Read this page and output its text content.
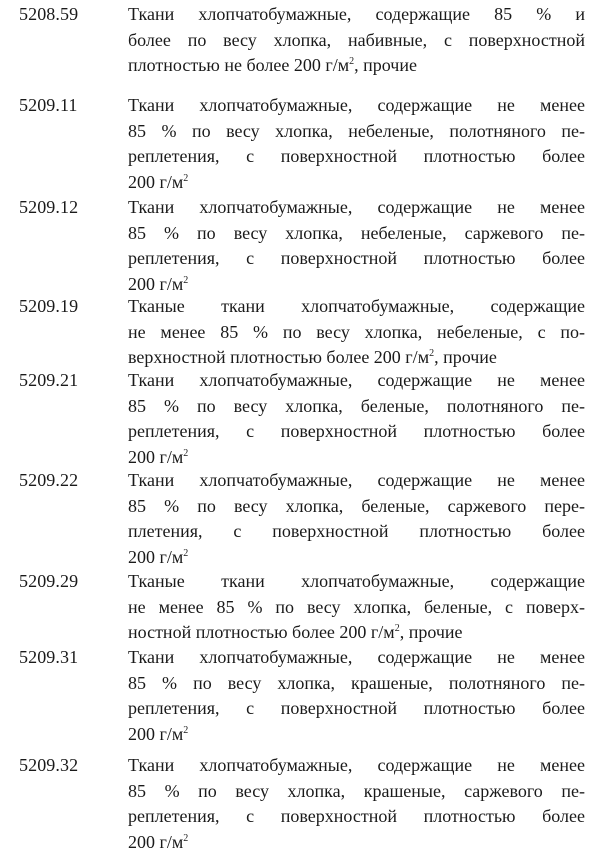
5208.59	Ткани хлопчатобумажные, содержащие 85 % и
более по весу хлопка, набивные, с поверхностной
плотностью не более 200 $г/м^2$, прочие
5209.11	Ткани хлопчатобумажные, содержащие не менее
85 % по весу хлопка, небеленые, полотняного пе-
реплетения, с поверхностной плотностью более
200 $г/м^2$
5209.12	Ткани хлопчатобумажные, содержащие не менее
85 % по весу хлопка, небеленые, саржевого пе-
реплетения, с поверхностной плотностью более
200 $г/м^2$
5209.19	Тканые ткани хлопчатобумажные, содержащие
не менее 85 % по весу хлопка, небеленые, с по-
верхностной плотностью более 200 $г/м^2$, прочие
5209.21	Ткани хлопчатобумажные, содержащие не менее
85 % по весу хлопка, беленые, полотняного пе-
реплетения, с поверхностной плотностью более
200 $г/м^2$
5209.22	Ткани хлопчатобумажные, содержащие не менее
85 % по весу хлопка, беленые, саржевого пере-
плетения, с поверхностной плотностью более
200 $г/м^2$
5209.29	Тканые ткани хлопчатобумажные, содержащие
не менее 85 % по весу хлопка, беленые, с поверх-
ностной плотностью более 200 $г/м^2$, прочие
5209.31	Ткани хлопчатобумажные, содержащие не менее
85 % по весу хлопка, крашеные, полотняного пе-
реплетения, с поверхностной плотностью более
200 $г/м^2$
5209.32	Ткани хлопчатобумажные, содержащие не менее
85 % по весу хлопка, крашеные, саржевого пе-
реплетения, с поверхностной плотностью более
200 $г/м^2$
